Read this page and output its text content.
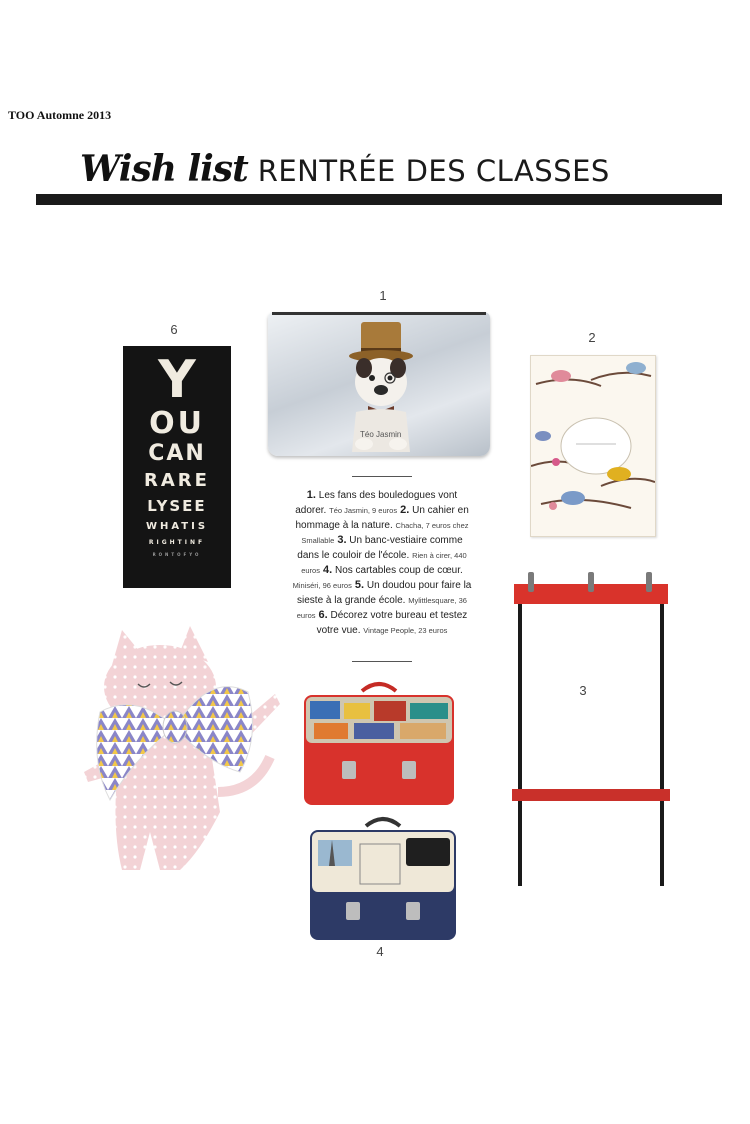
TOO Automne 2013
Wish list RENTRÉE DES CLASSES
1
2
3
4
6
Y
OU
CAN
RARE
LYSEE
WHATIS
RIGHTINF
RONTOFYO
Téo Jasmin
1. Les fans des bouledogues vont adorer. Téo Jasmin, 9 euros 2. Un cahier en hommage à la nature. Chacha, 7 euros chez Smallable 3. Un banc-vestiaire comme dans le couloir de l'école. Rien à cirer, 440 euros 4. Nos cartables coup de cœur. Miniséri, 96 euros 5. Un doudou pour faire la sieste à la grande école. Mylittlesquare, 36 euros 6. Décorez votre bureau et testez votre vue. Vintage People, 23 euros
